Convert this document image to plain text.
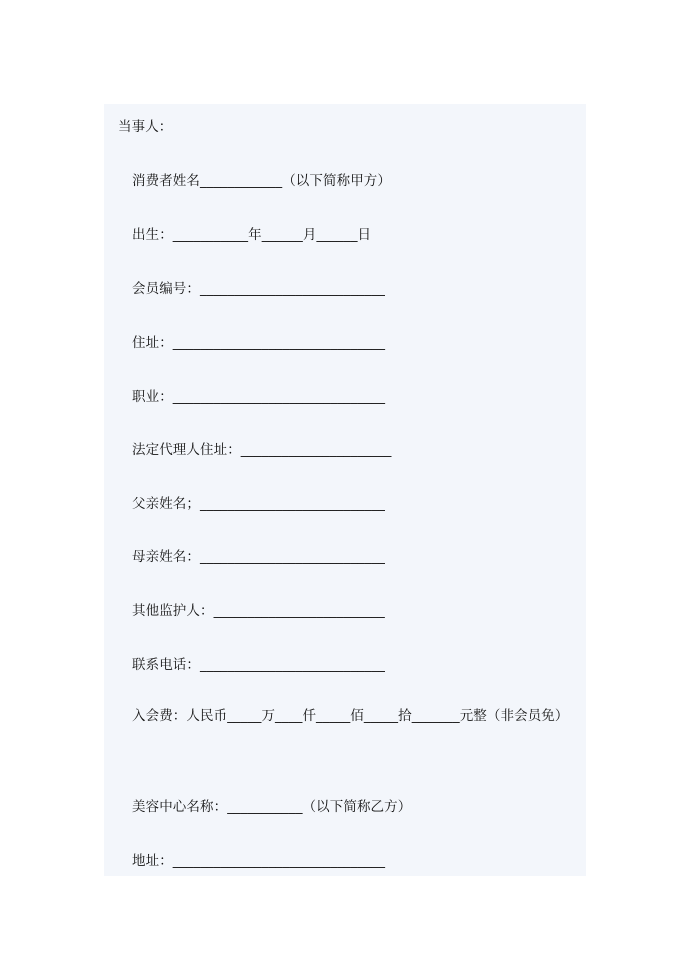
当事人：

消费者姓名____________（以下简称甲方）

出生：___________年______月______日

会员编号：___________________________

住址：_______________________________

职业：_______________________________

法定代理人住址：______________________

父亲姓名；___________________________

母亲姓名：___________________________

其他监护人：_________________________

联系电话：___________________________

入会费：人民币_____万____仟_____佰_____拾_______元整（非会员免）

美容中心名称：___________（以下简称乙方）

地址：_______________________________
